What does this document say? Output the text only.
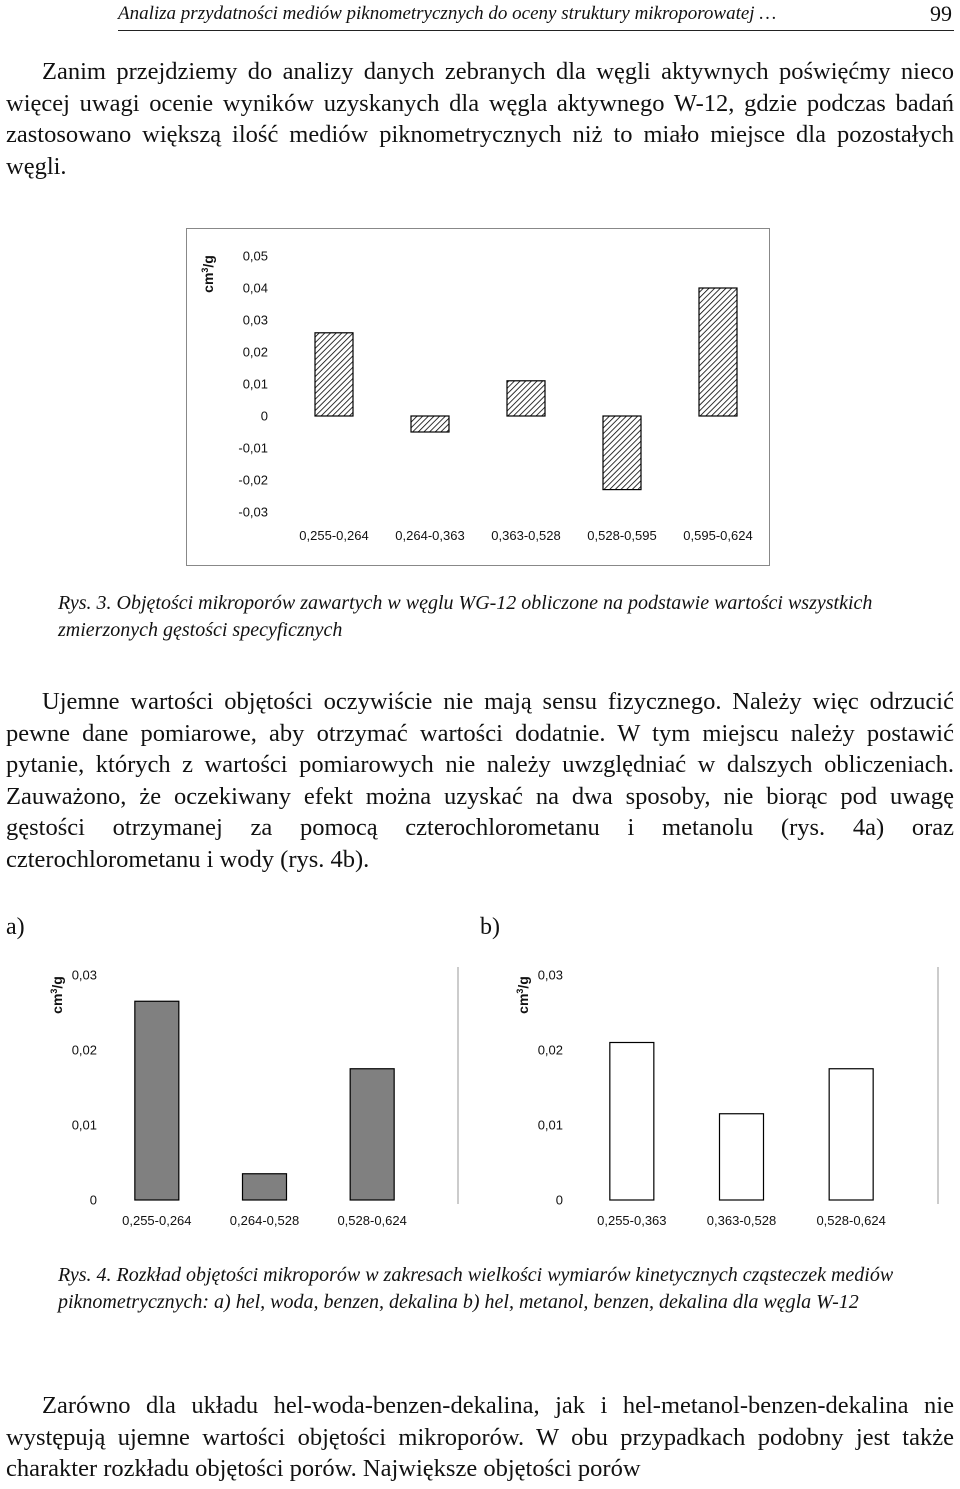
Analiza przydatności mediów piknometrycznych do oceny struktury mikroporowatej …	99
Zanim przejdziemy do analizy danych zebranych dla węgli aktywnych poświęćmy nieco więcej uwagi ocenie wyników uzyskanych dla węgla aktywnego W-12, gdzie podczas badań zastosowano większą ilość mediów piknometrycznych niż to miało miejsce dla pozostałych węgli.
$cm^3/g$ 0,05
0,04
0,03
0,02
0,01
0
-0,01
-0,02
-0,03
0,255-0,264 0,264-0,363 0,363-0,528 0,528-0,595 0,595-0,624
Rys. 3. Objętości mikroporów zawartych w węglu WG-12 obliczone na podstawie wartości wszystkich zmierzonych gęstości specyficznych
Ujemne wartości objętości oczywiście nie mają sensu fizycznego. Należy więc odrzucić pewne dane pomiarowe, aby otrzymać wartości dodatnie. W tym miejscu należy postawić pytanie, których z wartości pomiarowych nie należy uwzględniać w dalszych obliczeniach. Zauważono, że oczekiwany efekt można uzyskać na dwa sposoby, nie biorąc pod uwagę gęstości otrzymanej za pomocą czterochlorometanu i metanolu (rys. 4a) oraz czterochlorometanu i wody (rys. 4b).
a)	b)
$cm^3/g$ 0,03
0,02
0,01
0
0,255-0,264	0,264-0,528	0,528-0,624
$cm^3/g$ 0,03
0,02
0,01
0
0,255-0,363	0,363-0,528	0,528-0,624
Rys. 4. Rozkład objętości mikroporów w zakresach wielkości wymiarów kinetycznych cząsteczek mediów piknometrycznych: a) hel, woda, benzen, dekalina b) hel, metanol, benzen, dekalina dla węgla W-12
Zarówno dla układu hel-woda-benzen-dekalina, jak i hel-metanol-benzen-dekalina nie występują ujemne wartości objętości mikroporów. W obu przypadkach podobny jest także charakter rozkładu objętości porów. Największe objętości porów
